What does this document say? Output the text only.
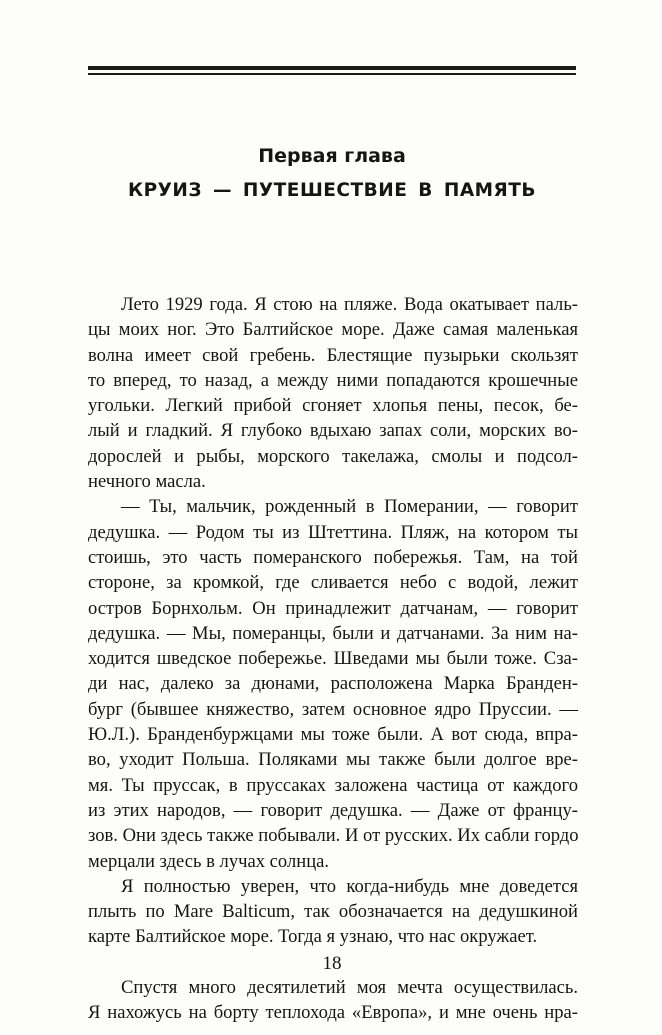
Первая глава
КРУИЗ — ПУТЕШЕСТВИЕ В ПАМЯТЬ
Лето 1929 года. Я стою на пляже. Вода окатывает паль-
цы моих ног. Это Балтийское море. Даже самая маленькая
волна имеет свой гребень. Блестящие пузырьки скользят
то вперед, то назад, а между ними попадаются крошечные
угольки. Легкий прибой сгоняет хлопья пены, песок, бе-
лый и гладкий. Я глубоко вдыхаю запах соли, морских во-
дорослей и рыбы, морского такелажа, смолы и подсол-
нечного масла.
— Ты, мальчик, рожденный в Померании, — говорит
дедушка. — Родом ты из Штеттина. Пляж, на котором ты
стоишь, это часть померанского побережья. Там, на той
стороне, за кромкой, где сливается небо с водой, лежит
остров Борнхольм. Он принадлежит датчанам, — говорит
дедушка. — Мы, померанцы, были и датчанами. За ним на-
ходится шведское побережье. Шведами мы были тоже. Сза-
ди нас, далеко за дюнами, расположена Марка Бранден-
бург (бывшее княжество, затем основное ядро Пруссии. —
Ю.Л.). Бранденбуржцами мы тоже были. А вот сюда, впра-
во, уходит Польша. Поляками мы также были долгое вре-
мя. Ты пруссак, в пруссаках заложена частица от каждого
из этих народов, — говорит дедушка. — Даже от францу-
зов. Они здесь также побывали. И от русских. Их сабли гордо
мерцали здесь в лучах солнца.
Я полностью уверен, что когда-нибудь мне доведется
плыть по Mare Balticum, так обозначается на дедушкиной
карте Балтийское море. Тогда я узнаю, что нас окружает.
Спустя много десятилетий моя мечта осуществилась.
Я нахожусь на борту теплохода «Европа», и мне очень нра-
18
